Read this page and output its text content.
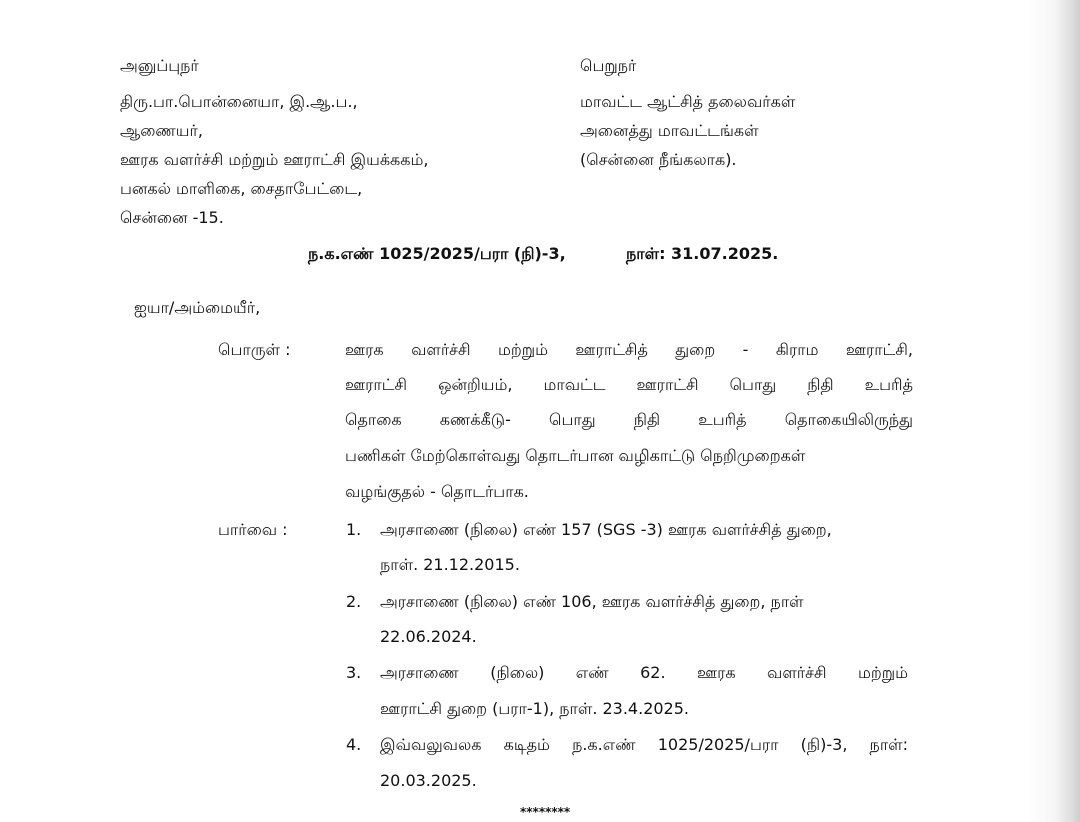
அனுப்புநர்
திரு.பா.பொன்னையா, இ.ஆ.ப.,
ஆணையர்,
ஊரக வளர்ச்சி மற்றும் ஊராட்சி இயக்ககம்,
பனகல் மாளிகை, சைதாபேட்டை,
சென்னை -15.
பெறுநர்
மாவட்ட ஆட்சித் தலைவர்கள்
அனைத்து மாவட்டங்கள்
(சென்னை நீங்கலாக).
ந.க.எண் 1025/2025/பரா (நி)-3,	நாள்: 31.07.2025.
ஐயா/அம்மையீர்,
பொருள் :	ஊரக வளர்ச்சி மற்றும் ஊராட்சித் துறை - கிராம ஊராட்சி,
ஊராட்சி ஒன்றியம், மாவட்ட ஊராட்சி பொது நிதி உபரித்
தொகை கணக்கீடு- பொது நிதி உபரித் தொகையிலிருந்து
பணிகள் மேற்கொள்வது தொடர்பான வழிகாட்டு நெறிமுறைகள்
வழங்குதல் - தொடர்பாக.
பார்வை :	1. அரசாணை (நிலை) எண் 157 (SGS -3) ஊரக வளர்ச்சித் துறை,
நாள். 21.12.2015.
2. அரசாணை (நிலை) எண் 106, ஊரக வளர்ச்சித் துறை, நாள்
22.06.2024.
3. அரசாணை (நிலை) எண் 62. ஊரக வளர்ச்சி மற்றும்
ஊராட்சி துறை (பரா-1), நாள். 23.4.2025.
4. இவ்வலுவலக கடிதம் ந.க.எண் 1025/2025/பரா (நி)-3, நாள்:
20.03.2025.
********
